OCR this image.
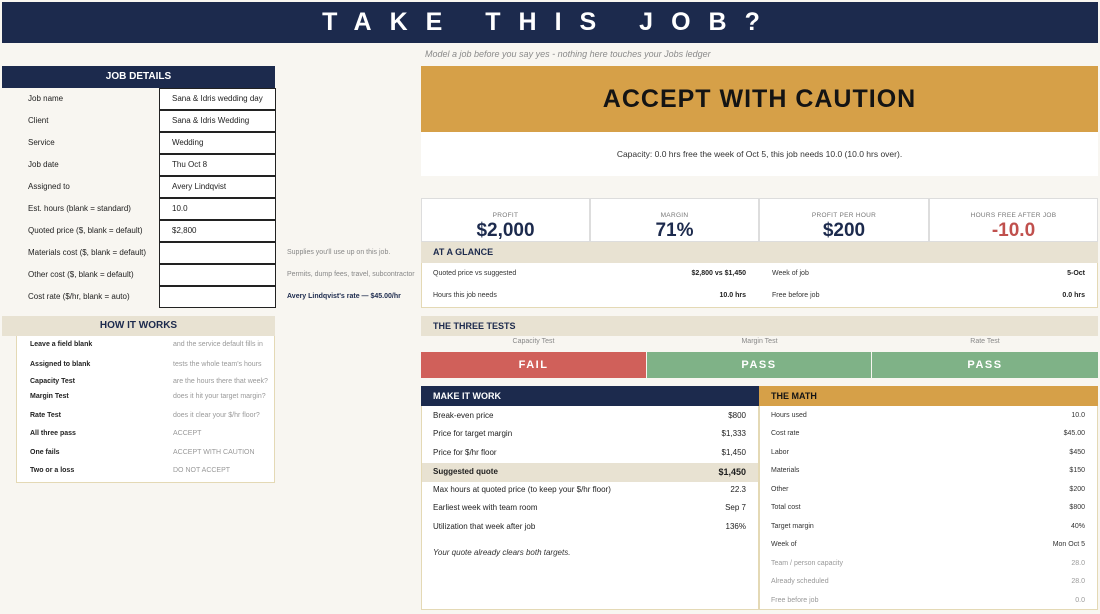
TAKE THIS JOB?
Model a job before you say yes - nothing here touches your Jobs ledger
JOB DETAILS
Job name	Sana & Idris wedding day
Client	Sana & Idris Wedding
Service	Wedding
Job date	Thu Oct 8
Assigned to	Avery Lindqvist
Est. hours (blank = standard)	10.0
Quoted price ($, blank = default)	$2,800
Materials cost ($, blank = default)
Other cost ($, blank = default)
Cost rate ($/hr, blank = auto)
Supplies you'll use up on this job.
Permits, dump fees, travel, subcontractor
Avery Lindqvist's rate — $45.00/hr
HOW IT WORKS
Leave a field blank	and the service default fills in
Assigned to blank	tests the whole team's hours
Capacity Test	are the hours there that week?
Margin Test	does it hit your target margin?
Rate Test	does it clear your $/hr floor?
All three pass	ACCEPT
One fails	ACCEPT WITH CAUTION
Two or a loss	DO NOT ACCEPT
ACCEPT WITH CAUTION
Capacity: 0.0 hrs free the week of Oct 5, this job needs 10.0 (10.0 hrs over).
PROFIT
$2,000
MARGIN
71%
PROFIT PER HOUR
$200
HOURS FREE AFTER JOB
-10.0
AT A GLANCE
Quoted price vs suggested	$2,800 vs $1,450
Hours this job needs	10.0 hrs
Week of job	5-Oct
Free before job	0.0 hrs
THE THREE TESTS
Capacity Test	Margin Test	Rate Test
FAIL	PASS	PASS
MAKE IT WORK
Break-even price	$800
Price for target margin	$1,333
Price for $/hr floor	$1,450
Suggested quote	$1,450
Max hours at quoted price (to keep your $/hr floor)	22.3
Earliest week with team room	Sep 7
Utilization that week after job	136%
Your quote already clears both targets.
THE MATH
Hours used	10.0
Cost rate	$45.00
Labor	$450
Materials	$150
Other	$200
Total cost	$800
Target margin	40%
Week of	Mon Oct 5
Team / person capacity	28.0
Already scheduled	28.0
Free before job	0.0
